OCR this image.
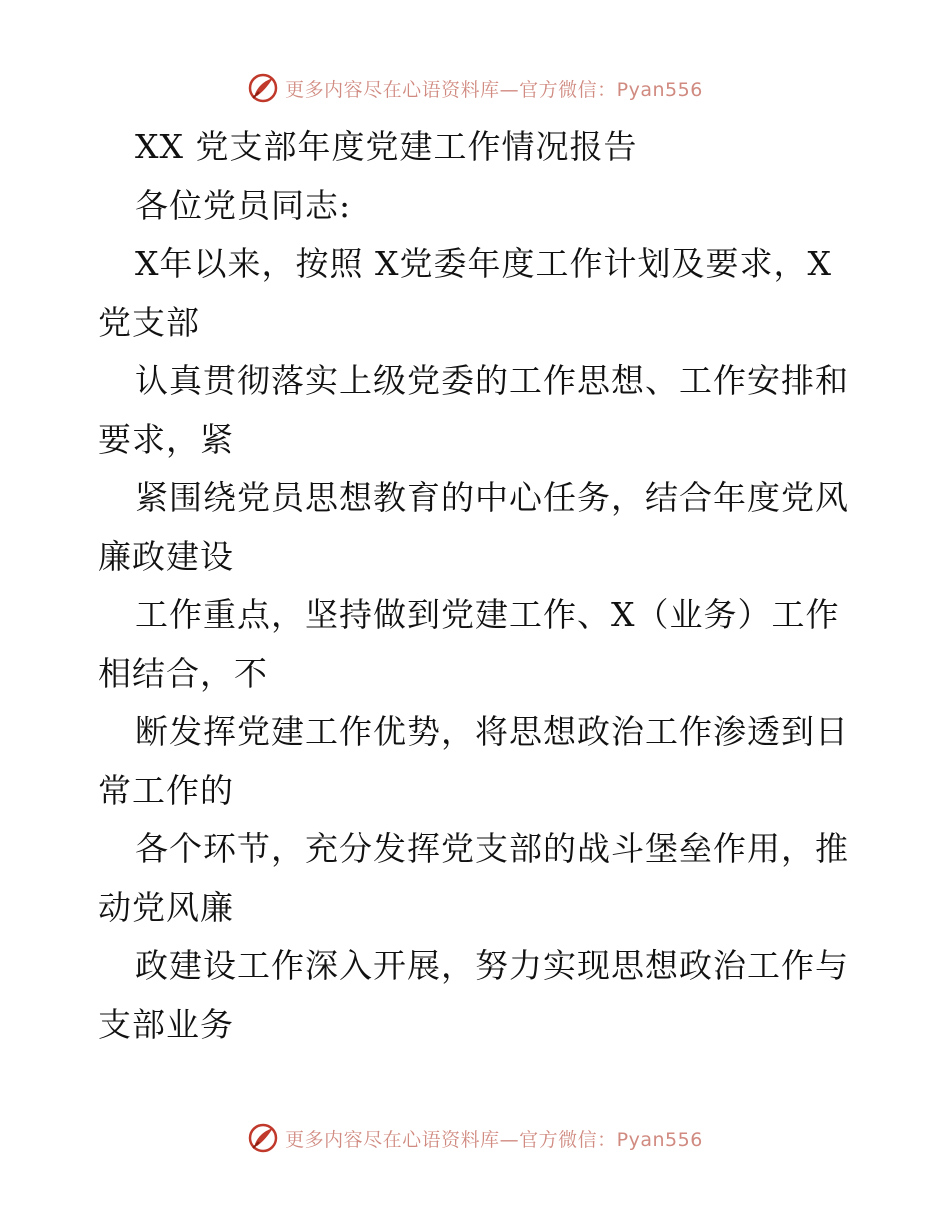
更多内容尽在心语资料库—官方微信：Pyan556
XX 党支部年度党建工作情况报告
各位党员同志:
X年以来，按照 X党委年度工作计划及要求，X
党支部
认真贯彻落实上级党委的工作思想、工作安排和
要求，紧
紧围绕党员思想教育的中心任务，结合年度党风
廉政建设
工作重点，坚持做到党建工作、X（业务）工作
相结合，不
断发挥党建工作优势，将思想政治工作渗透到日
常工作的
各个环节，充分发挥党支部的战斗堡垒作用，推
动党风廉
政建设工作深入开展，努力实现思想政治工作与
支部业务
更多内容尽在心语资料库—官方微信：Pyan556
